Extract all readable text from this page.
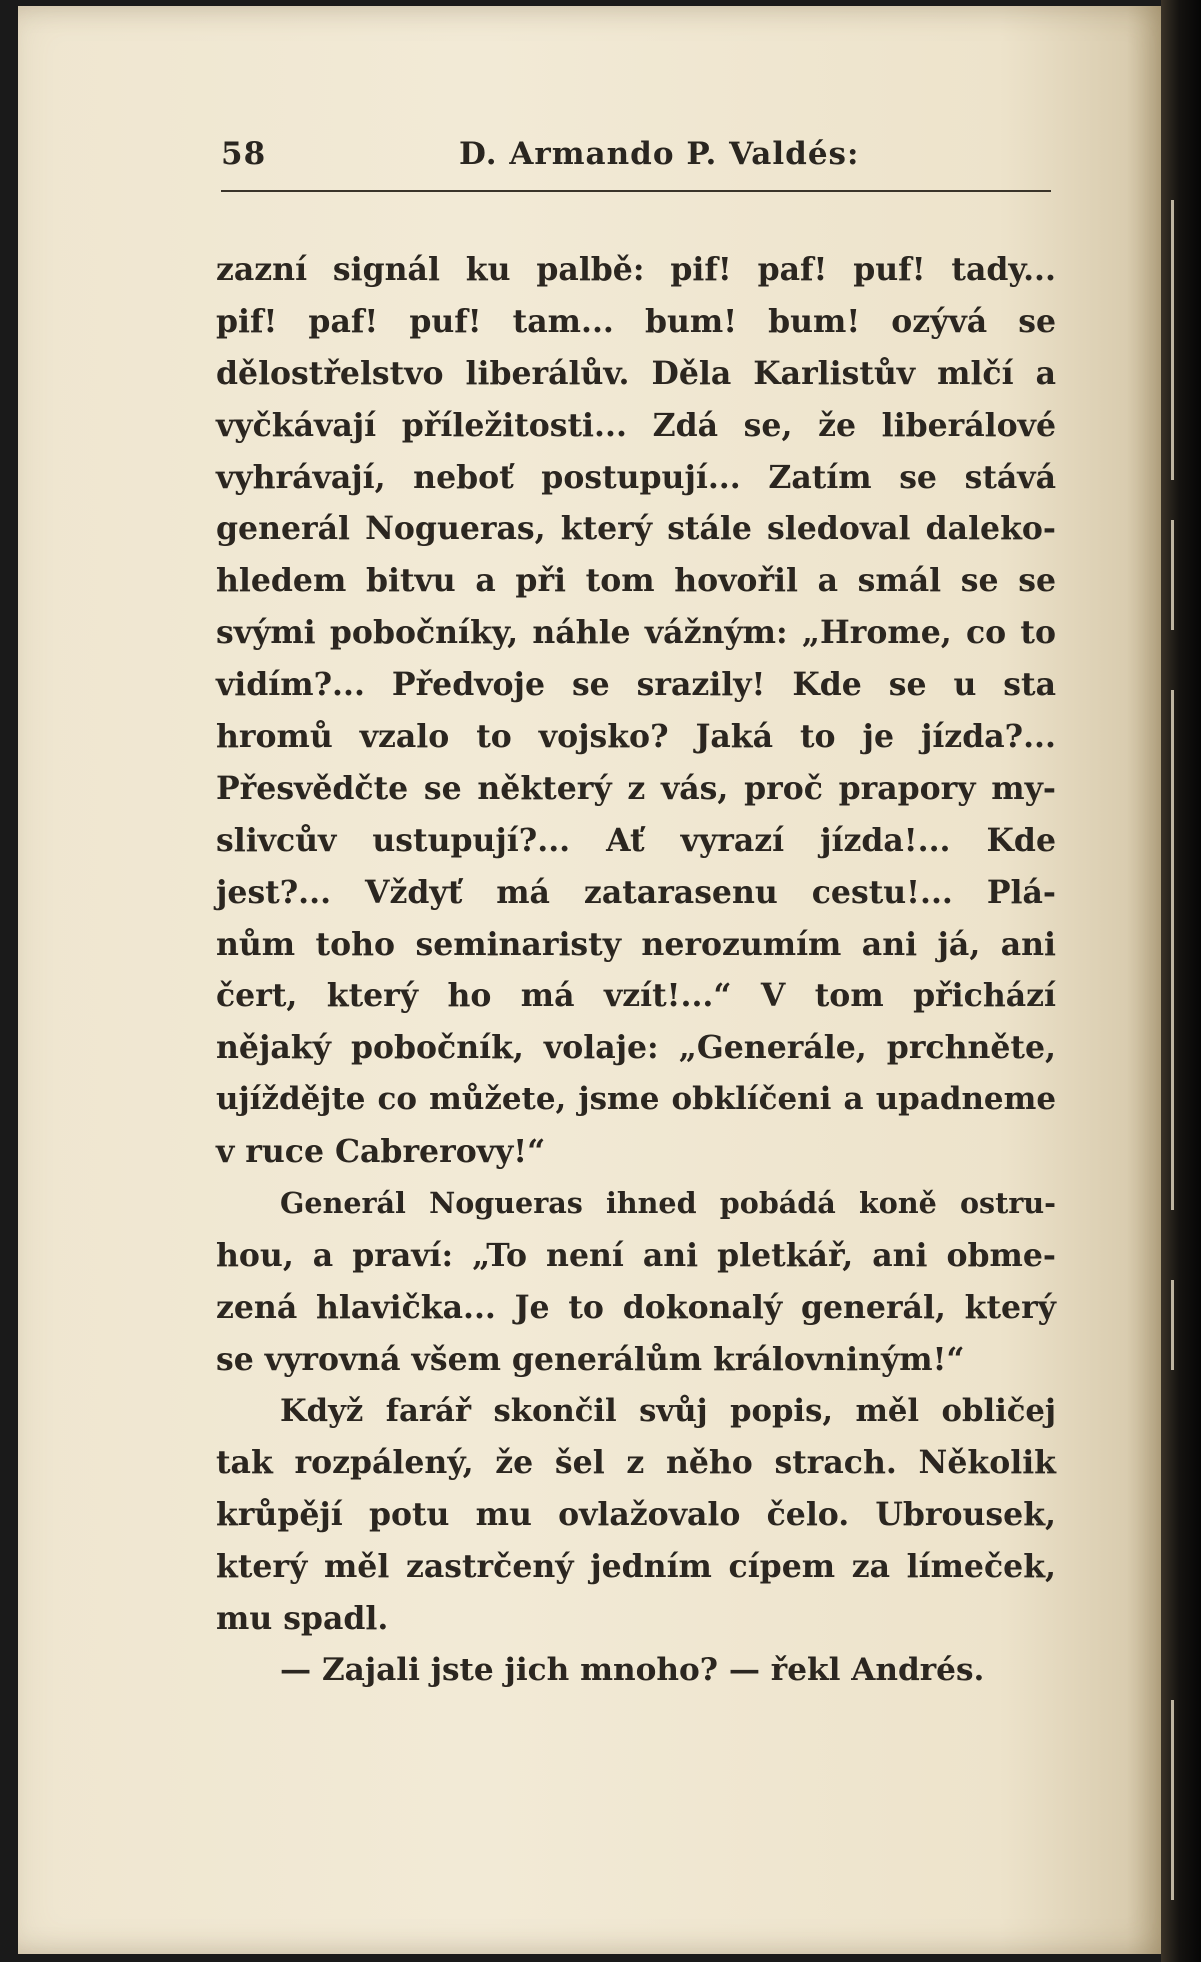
58	D. Armando P. Valdés:
zazní signál ku palbě: pif! paf! puf! tady...
pif! paf! puf! tam... bum! bum! ozývá se
dělostřelstvo liberálův. Děla Karlistův mlčí a
vyčkávají příležitosti... Zdá se, že liberálové
vyhrávají, neboť postupují... Zatím se stává
generál Nogueras, který stále sledoval daleko-
hledem bitvu a při tom hovořil a smál se se
svými pobočníky, náhle vážným: „Hrome, co to
vidím?... Předvoje se srazily! Kde se u sta
hromů vzalo to vojsko? Jaká to je jízda?...
Přesvědčte se některý z vás, proč prapory my-
slivcův ustupují?... Ať vyrazí jízda!... Kde
jest?... Vždyť má zatarasenu cestu!... Plá-
nům toho seminaristy nerozumím ani já, ani
čert, který ho má vzít!...“ V tom přichází
nějaký pobočník, volaje: „Generále, prchněte,
ujíždějte co můžete, jsme obklíčeni a upadneme
v ruce Cabrerovy!“
Generál Nogueras ihned pobádá koně ostru-
hou, a praví: „To není ani pletkář, ani obme-
zená hlavička... Je to dokonalý generál, který
se vyrovná všem generálům královniným!“
Když farář skončil svůj popis, měl obličej
tak rozpálený, že šel z něho strach. Několik
krůpějí potu mu ovlažovalo čelo. Ubrousek,
který měl zastrčený jedním cípem za límeček,
mu spadl.
— Zajali jste jich mnoho? — řekl Andrés.
